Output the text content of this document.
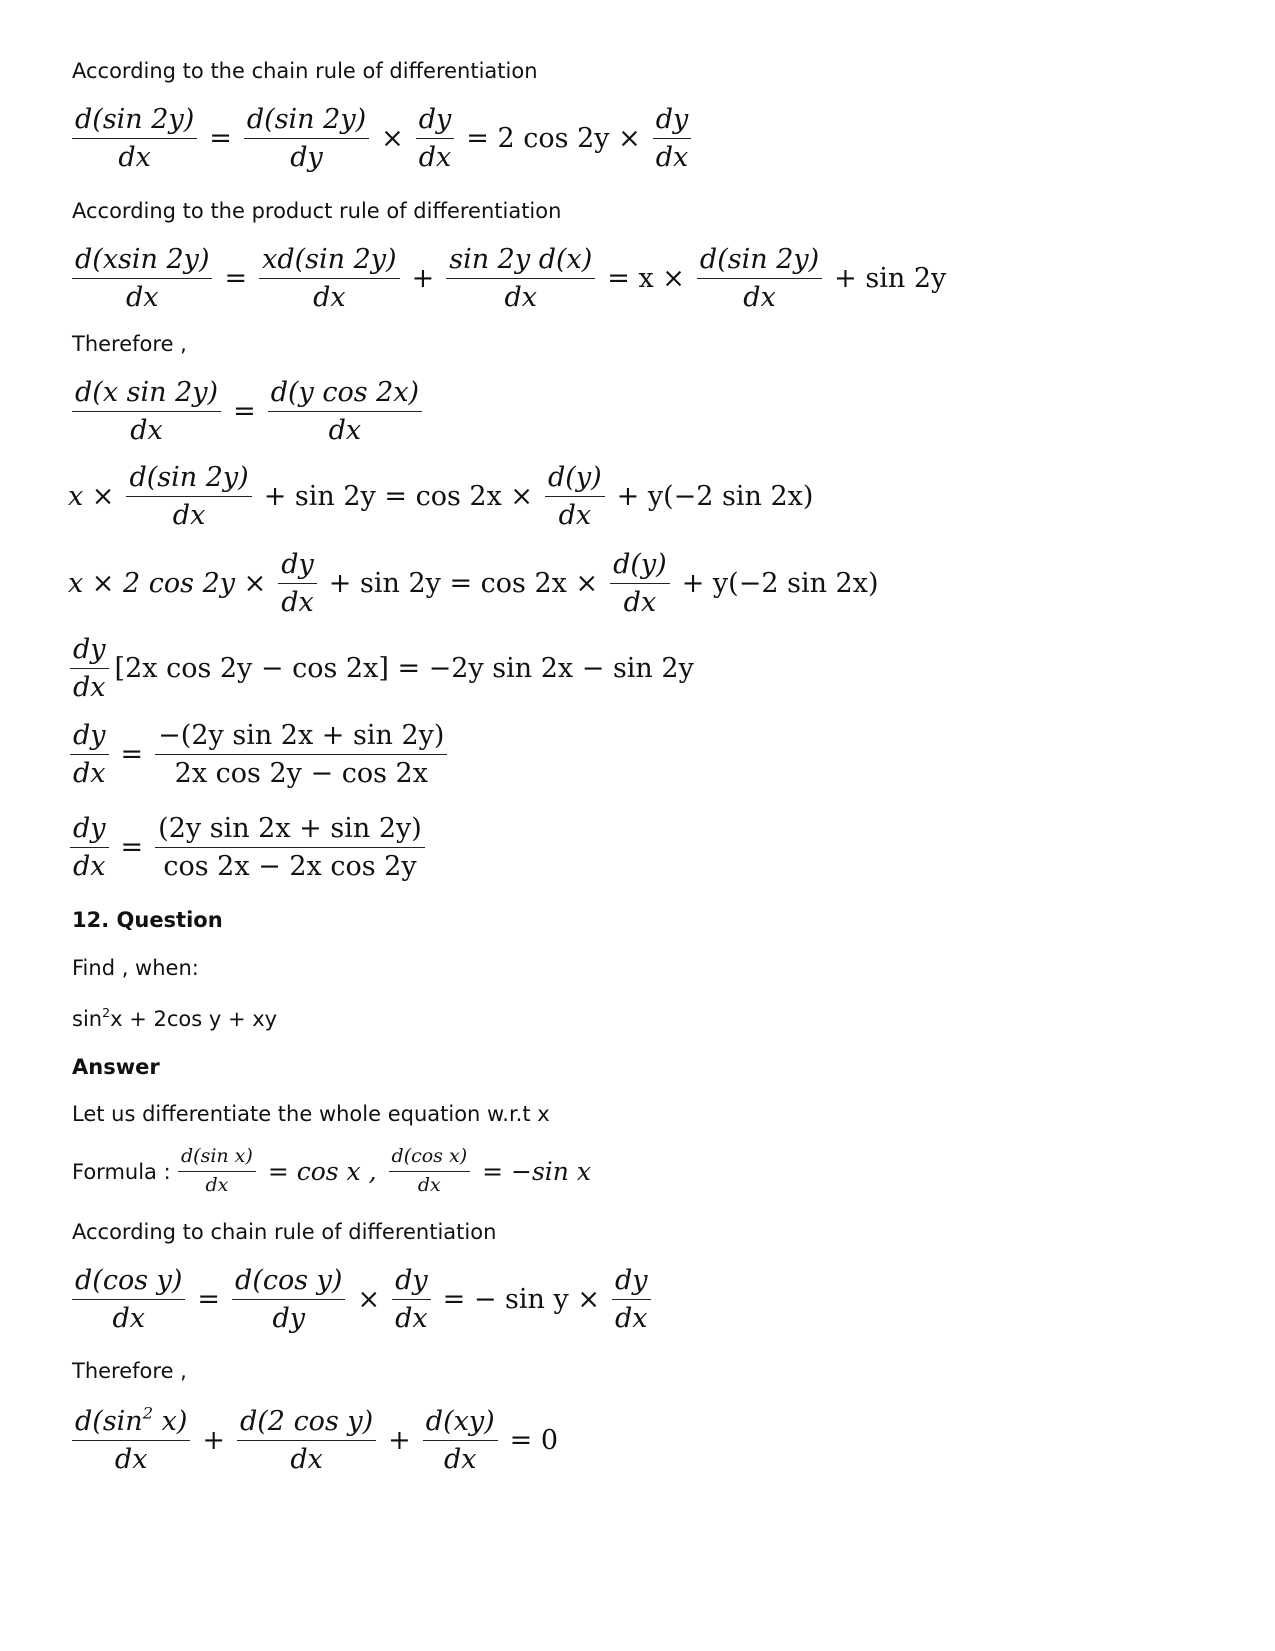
According to the chain rule of differentiation
$\frac{d(\sin 2y)}{dx} = \frac{d(\sin 2y)}{dy} \times \frac{dy}{dx} = 2$ $\cos 2y \times \frac{dy}{dx}$
According to the product rule of differentiation
$\frac{d(xsin 2y)}{dx} = \frac{xd(\sin 2y)}{dx} + \frac{\text{sin 2y d(x)}}{dx} = x \times \frac{d(\sin 2y)}{dx} + \sin 2y$
Therefore ,
$\frac{\text{d(x sin 2y)}}{dx} = \frac{\text{d(y cos 2x)}}{dx}$
$x \times \frac{d(\sin 2y)}{dx} + \sin 2y = \cos 2x \times \frac{d(y)}{dx} + y(-2$ sin 2x)
x × 2 $\cos 2y \times \frac{dy}{dx} + \sin 2y = \cos 2x \times \frac{d(y)}{dx} + y(-2$ sin 2x)
$\frac{dy}{dx} [2x$ cos 2y − cos 2x] = −2y sin 2x − sin 2y
$\frac{dy}{dx} = \frac{\text{−(2y sin 2x + sin 2y)}}{\text{2x cos 2y − cos 2x}}$
$\frac{dy}{dx} = \frac{\text{(2y sin 2x + sin 2y)}}{\text{cos 2x − 2x cos 2y}}$
12. Question
Find , when:
$\sin^2x + 2\cos$ y + xy
Answer
Let us differentiate the whole equation w.r.t x
Formula : $\frac{\text{d(sin x)}}{dx} = \cos x$ , $\frac{\text{d(cos x)}}{dx} = -\sin$ x
According to chain rule of differentiation
$\frac{\text{d(cos y)}}{dx} = \frac{\text{d(cos y)}}{dy} \times \frac{dy}{dx}$ = − $\sin y \times \frac{dy}{dx}$
Therefore ,
$\frac{d(\sin^2 x)}{dx} + \frac{\text{d(2 cos y)}}{dx} + \frac{d(xy)}{dx} = 0$
